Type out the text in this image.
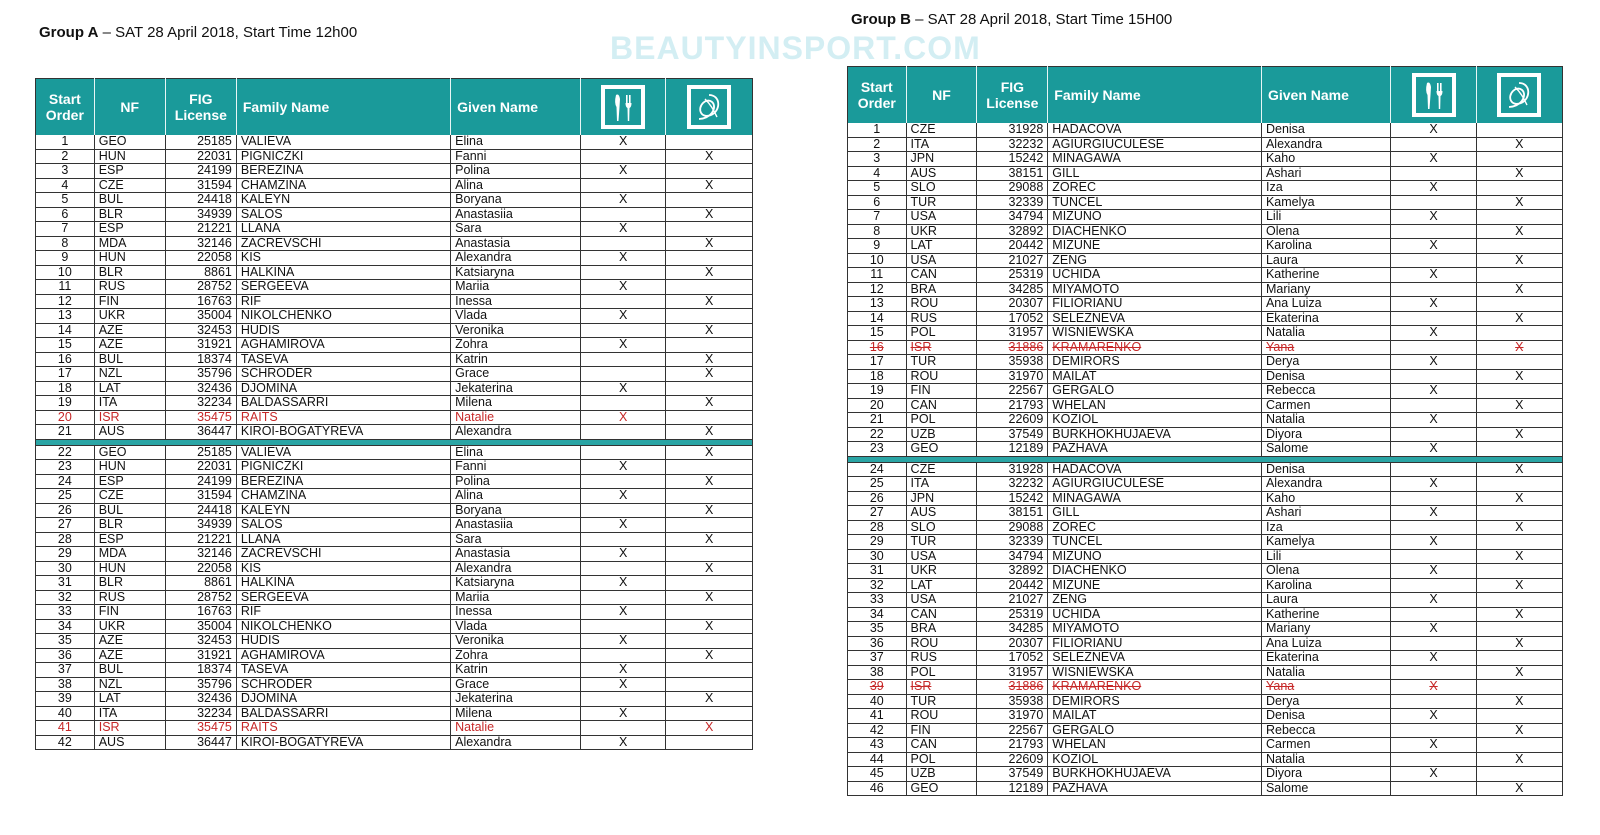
Group A – SAT 28 April 2018, Start Time 12h00
Group B – SAT 28 April 2018, Start Time 15H00
BEAUTYINSPORT.COM
Start Order	NF	FIG License	Family Name	Given Name	

1	GEO	25185	VALIEVA	Elina	X	
2	HUN	22031	PIGNICZKI	Fanni		X
3	ESP	24199	BEREZINA	Polina	X	
4	CZE	31594	CHAMZINA	Alina		X
5	BUL	24418	KALEYN	Boryana	X	
6	BLR	34939	SALOS	Anastasiia		X
7	ESP	21221	LLANA	Sara	X	
8	MDA	32146	ZACREVSCHI	Anastasia		X
9	HUN	22058	KIS	Alexandra	X	
10	BLR	8861	HALKINA	Katsiaryna		X
11	RUS	28752	SERGEEVA	Mariia	X	
12	FIN	16763	RIF	Inessa		X
13	UKR	35004	NIKOLCHENKO	Vlada	X	
14	AZE	32453	HUDIS	Veronika		X
15	AZE	31921	AGHAMIROVA	Zohra	X	
16	BUL	18374	TASEVA	Katrin		X
17	NZL	35796	SCHRODER	Grace		X
18	LAT	32436	DJOMINA	Jekaterina	X	
19	ITA	32234	BALDASSARRI	Milena		X
20	ISR	35475	RAITS	Natalie	X	
21	AUS	36447	KIROI-BOGATYREVA	Alexandra		X

22	GEO	25185	VALIEVA	Elina		X
23	HUN	22031	PIGNICZKI	Fanni	X	
24	ESP	24199	BEREZINA	Polina		X
25	CZE	31594	CHAMZINA	Alina	X	
26	BUL	24418	KALEYN	Boryana		X
27	BLR	34939	SALOS	Anastasiia	X	
28	ESP	21221	LLANA	Sara		X
29	MDA	32146	ZACREVSCHI	Anastasia	X	
30	HUN	22058	KIS	Alexandra		X
31	BLR	8861	HALKINA	Katsiaryna	X	
32	RUS	28752	SERGEEVA	Mariia		X
33	FIN	16763	RIF	Inessa	X	
34	UKR	35004	NIKOLCHENKO	Vlada		X
35	AZE	32453	HUDIS	Veronika	X	
36	AZE	31921	AGHAMIROVA	Zohra		X
37	BUL	18374	TASEVA	Katrin	X	
38	NZL	35796	SCHRODER	Grace	X	
39	LAT	32436	DJOMINA	Jekaterina		X
40	ITA	32234	BALDASSARRI	Milena	X	
41	ISR	35475	RAITS	Natalie		X
42	AUS	36447	KIROI-BOGATYREVA	Alexandra	X	
Start Order	NF	FIG License	Family Name	Given Name	

1	CZE	31928	HADACOVA	Denisa	X	
2	ITA	32232	AGIURGIUCULESE	Alexandra		X
3	JPN	15242	MINAGAWA	Kaho	X	
4	AUS	38151	GILL	Ashari		X
5	SLO	29088	ZOREC	Iza	X	
6	TUR	32339	TUNCEL	Kamelya		X
7	USA	34794	MIZUNO	Lili	X	
8	UKR	32892	DIACHENKO	Olena		X
9	LAT	20442	MIZUNE	Karolina	X	
10	USA	21027	ZENG	Laura		X
11	CAN	25319	UCHIDA	Katherine	X	
12	BRA	34285	MIYAMOTO	Mariany		X
13	ROU	20307	FILIORIANU	Ana Luiza	X	
14	RUS	17052	SELEZNEVA	Ekaterina		X
15	POL	31957	WISNIEWSKA	Natalia	X	
16	ISR	31886	KRAMARENKO	Yana		X
17	TUR	35938	DEMIRORS	Derya	X	
18	ROU	31970	MAILAT	Denisa		X
19	FIN	22567	GERGALO	Rebecca	X	
20	CAN	21793	WHELAN	Carmen		X
21	POL	22609	KOZIOL	Natalia	X	
22	UZB	37549	BURKHOKHUJAEVA	Diyora		X
23	GEO	12189	PAZHAVA	Salome	X	

24	CZE	31928	HADACOVA	Denisa		X
25	ITA	32232	AGIURGIUCULESE	Alexandra	X	
26	JPN	15242	MINAGAWA	Kaho		X
27	AUS	38151	GILL	Ashari	X	
28	SLO	29088	ZOREC	Iza		X
29	TUR	32339	TUNCEL	Kamelya	X	
30	USA	34794	MIZUNO	Lili		X
31	UKR	32892	DIACHENKO	Olena	X	
32	LAT	20442	MIZUNE	Karolina		X
33	USA	21027	ZENG	Laura	X	
34	CAN	25319	UCHIDA	Katherine		X
35	BRA	34285	MIYAMOTO	Mariany	X	
36	ROU	20307	FILIORIANU	Ana Luiza		X
37	RUS	17052	SELEZNEVA	Ekaterina	X	
38	POL	31957	WISNIEWSKA	Natalia		X
39	ISR	31886	KRAMARENKO	Yana	X	
40	TUR	35938	DEMIRORS	Derya		X
41	ROU	31970	MAILAT	Denisa	X	
42	FIN	22567	GERGALO	Rebecca		X
43	CAN	21793	WHELAN	Carmen	X	
44	POL	22609	KOZIOL	Natalia		X
45	UZB	37549	BURKHOKHUJAEVA	Diyora	X	
46	GEO	12189	PAZHAVA	Salome		X
